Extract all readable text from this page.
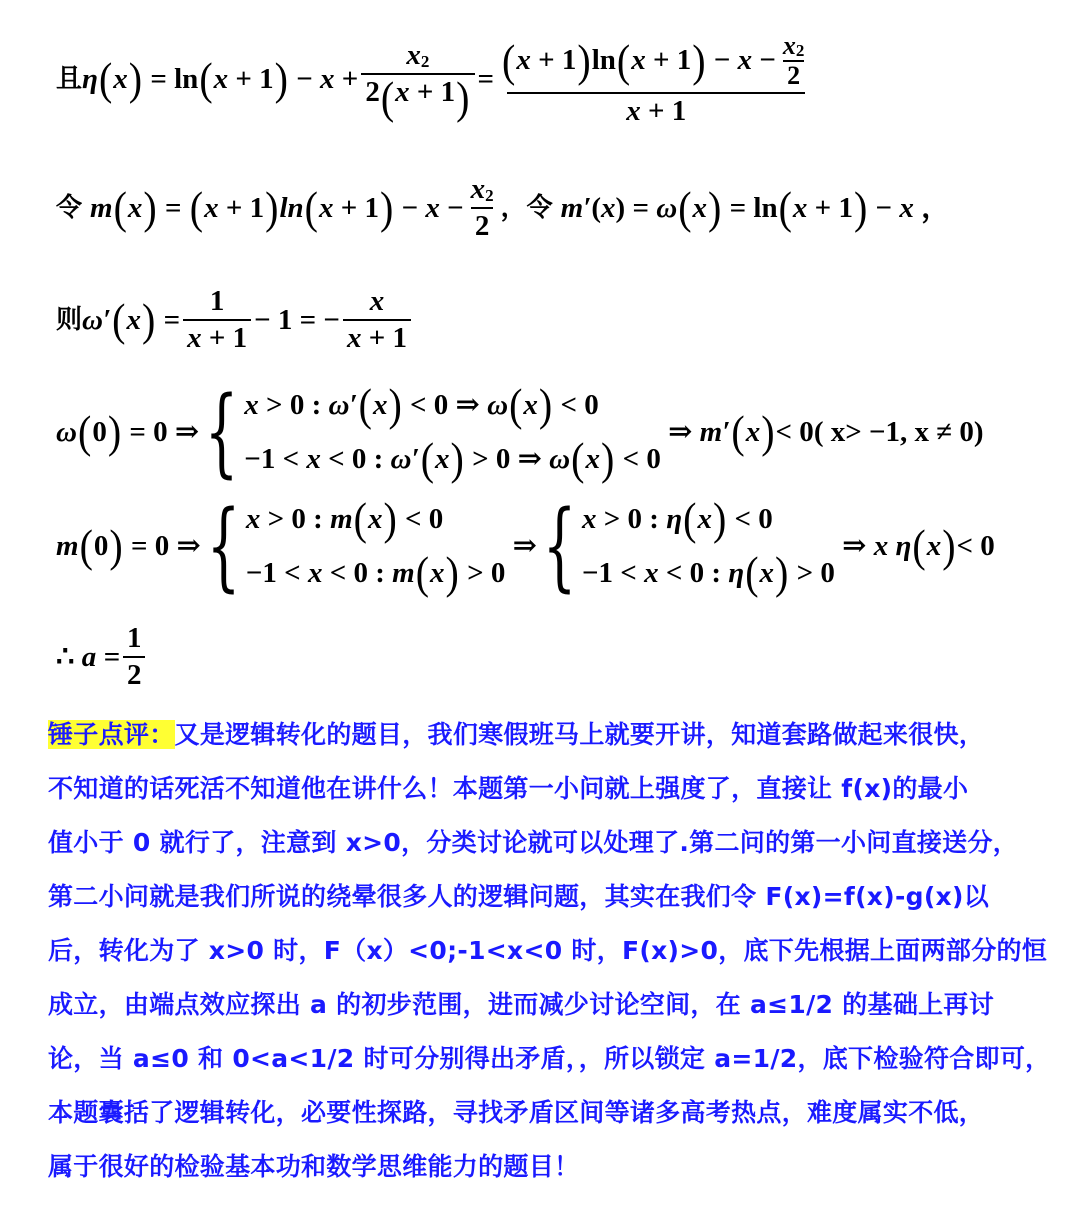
且 η ( x ) = ln ( x + 1 ) − $x + \frac{x 2}{2 ( x + 1 )} = \frac{( x + 1 ) \ln ( x + 1 ) - x - \frac{x 2}{2}}{x + 1}$
令 m ( x ) = ( x + 1 ) ln ( x + 1 ) − $x - \frac{x 2}{2}$ ，令 m′ ( x ) = ω ( x ) = ln ( x + 1 ) − x
，
则 ω′ ( x ) = $\frac{1}{x + 1} - 1$ = − $\frac{x}{x + 1}$
ω ( 0 ) = 0 ⇒ { x > 0 : ω′ ( x ) < 0 ⇒ ω ( x ) < 0
−1 < x < 0 : ω′ ( x ) > 0 ⇒ ω ( x ) < 0
⇒ m′ ( x ) < 0 ( x> −1, x ≠ 0)
m ( 0 ) = 0 ⇒ { x > 0 : m ( x ) < 0
−1 < x < 0 : m ( x ) > 0
⇒ { x > 0 : η ( x ) < 0
−1 < x < 0 : η ( x ) > 0
⇒ x
η ( x ) < 0
∴
$a = \frac{1}{2}$
锤子点评：又是逻辑转化的题目，我们寒假班马上就要开讲，知道套路做起来很快，
不知道的话死活不知道他在讲什么！本题第一小问就上强度了，直接让 f(x)的最小
值小于 0 就行了，注意到 x>0，分类讨论就可以处理了.第二问的第一小问直接送分，
第二小问就是我们所说的绕晕很多人的逻辑问题，其实在我们令 F(x)=f(x)-g(x)以
后，转化为了 x>0 时，F（x）<0;-1<x<0 时，F(x)>0，底下先根据上面两部分的恒
成立，由端点效应探出 a 的初步范围，进而减少讨论空间，在 a≤1/2 的基础上再讨
论，当 a≤0 和 0<a<1/2 时可分别得出矛盾，，所以锁定 a=1/2，底下检验符合即可，
本题囊括了逻辑转化，必要性探路，寻找矛盾区间等诸多高考热点，难度属实不低，
属于很好的检验基本功和数学思维能力的题目！
